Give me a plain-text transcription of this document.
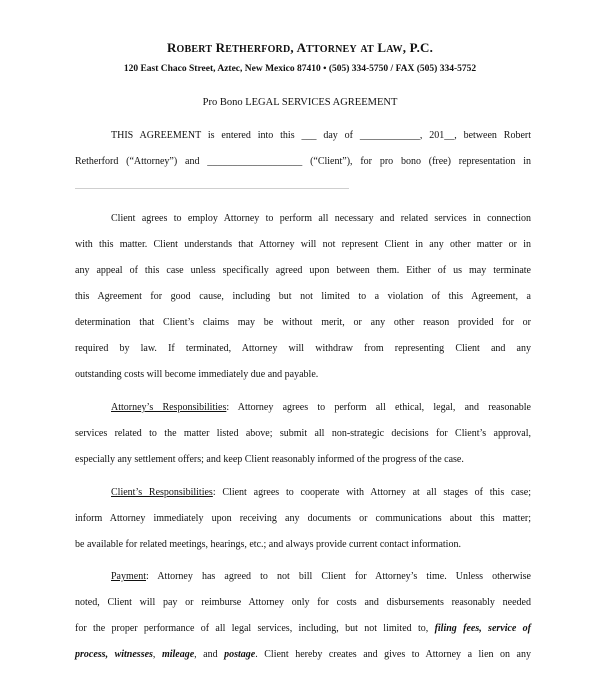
ROBERT RETHERFORD, ATTORNEY AT LAW, P.C.
120 East Chaco Street, Aztec, New Mexico 87410 • (505) 334-5750 / FAX (505) 334-5752
Pro Bono LEGAL SERVICES AGREEMENT

THIS AGREEMENT is entered into this ___ day of ____________, 201__, between Robert
Retherford (“Attorney”) and ___________________ (“Client”), for pro bono (free) representation in

Client agrees to employ Attorney to perform all necessary and related services in connection
with this matter. Client understands that Attorney will not represent Client in any other matter or in
any appeal of this case unless specifically agreed upon between them. Either of us may terminate
this Agreement for good cause, including but not limited to a violation of this Agreement, a
determination that Client’s claims may be without merit, or any other reason provided for or
required by law. If terminated, Attorney will withdraw from representing Client and any
outstanding costs will become immediately due and payable.

Attorney’s Responsibilities: Attorney agrees to perform all ethical, legal, and reasonable
services related to the matter listed above; submit all non-strategic decisions for Client’s approval,
especially any settlement offers; and keep Client reasonably informed of the progress of the case.

Client’s Responsibilities: Client agrees to cooperate with Attorney at all stages of this case;
inform Attorney immediately upon receiving any documents or communications about this matter;
be available for related meetings, hearings, etc.; and always provide current contact information.

Payment: Attorney has agreed to not bill Client for Attorney’s time. Unless otherwise
noted, Client will pay or reimburse Attorney only for costs and disbursements reasonably needed
for the proper performance of all legal services, including, but not limited to, filing fees, service of
process, witnesses, mileage, and postage. Client hereby creates and gives to Attorney a lien on any
